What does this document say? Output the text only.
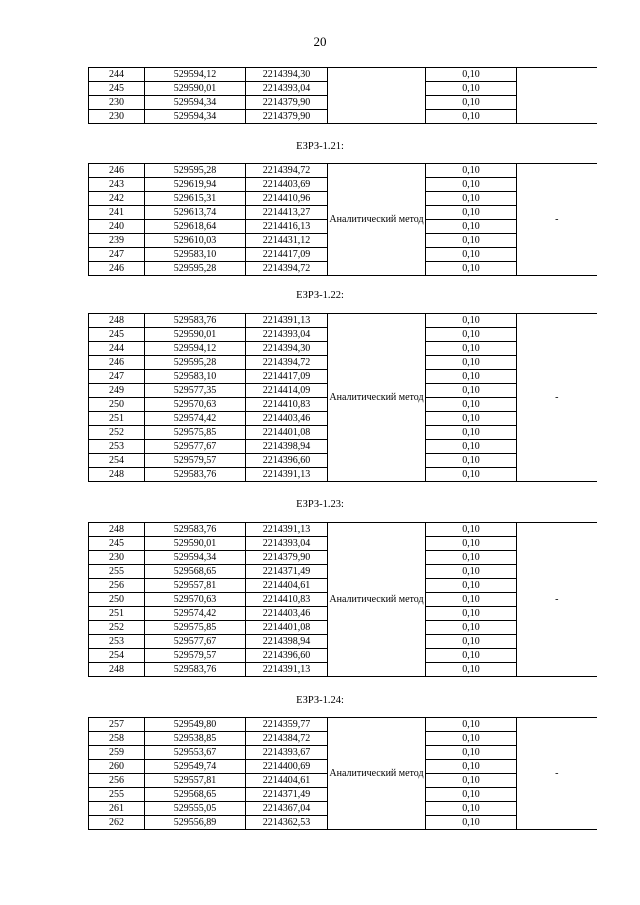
20
244	529594,12	2214394,30		0,10	
245	529590,01	2214393,04		0,10	
230	529594,34	2214379,90		0,10	
230	529594,34	2214379,90		0,10	
ЕЗРЗ-1.21:
246	529595,28	2214394,72	Аналитический метод	0,10	-
243	529619,94	2214403,69		0,10	
242	529615,31	2214410,96		0,10	
241	529613,74	2214413,27		0,10	
240	529618,64	2214416,13		0,10	
239	529610,03	2214431,12		0,10	
247	529583,10	2214417,09		0,10	
246	529595,28	2214394,72		0,10	
ЕЗРЗ-1.22:
248	529583,76	2214391,13	Аналитический метод	0,10	-
245	529590,01	2214393,04		0,10	
244	529594,12	2214394,30		0,10	
246	529595,28	2214394,72		0,10	
247	529583,10	2214417,09		0,10	
249	529577,35	2214414,09		0,10	
250	529570,63	2214410,83		0,10	
251	529574,42	2214403,46		0,10	
252	529575,85	2214401,08		0,10	
253	529577,67	2214398,94		0,10	
254	529579,57	2214396,60		0,10	
248	529583,76	2214391,13		0,10	
ЕЗРЗ-1.23:
248	529583,76	2214391,13	Аналитический метод	0,10	-
245	529590,01	2214393,04		0,10	
230	529594,34	2214379,90		0,10	
255	529568,65	2214371,49		0,10	
256	529557,81	2214404,61		0,10	
250	529570,63	2214410,83		0,10	
251	529574,42	2214403,46		0,10	
252	529575,85	2214401,08		0,10	
253	529577,67	2214398,94		0,10	
254	529579,57	2214396,60		0,10	
248	529583,76	2214391,13		0,10	
ЕЗРЗ-1.24:
257	529549,80	2214359,77	Аналитический метод	0,10	-
258	529538,85	2214384,72		0,10	
259	529553,67	2214393,67		0,10	
260	529549,74	2214400,69		0,10	
256	529557,81	2214404,61		0,10	
255	529568,65	2214371,49		0,10	
261	529555,05	2214367,04		0,10	
262	529556,89	2214362,53		0,10	
